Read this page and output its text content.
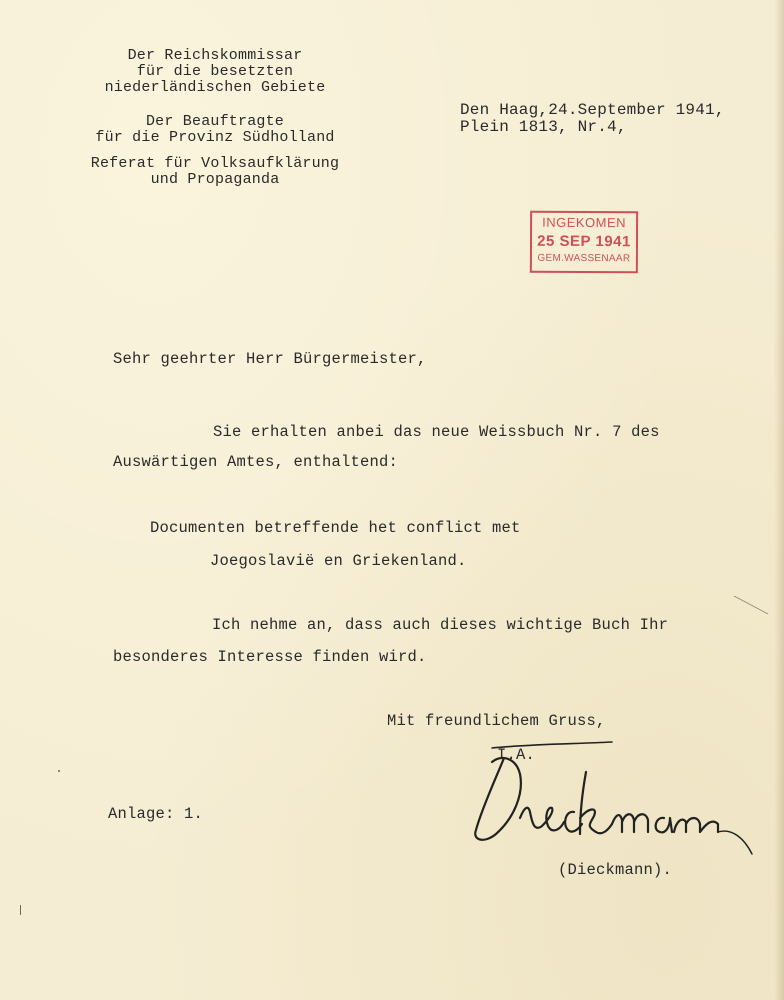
Der Reichskommissar
für die besetzten
niederländischen Gebiete
Der Beauftragte
für die Provinz Südholland
Referat für Volksaufklärung
und Propaganda
Den Haag,24.September 1941,
Plein 1813, Nr.4,
INGEKOMEN
25 SEP 1941
GEM.WASSENAAR
Sehr geehrter Herr Bürgermeister,
Sie erhalten anbei das neue Weissbuch Nr. 7 des
Auswärtigen Amtes, enthaltend:
Documenten betreffende het conflict met
Joegoslavië en Griekenland.
Ich nehme an, dass auch dieses wichtige Buch Ihr
besonderes Interesse finden wird.
Mit freundlichem Gruss,
I.A.
Anlage: 1.
(Dieckmann).
